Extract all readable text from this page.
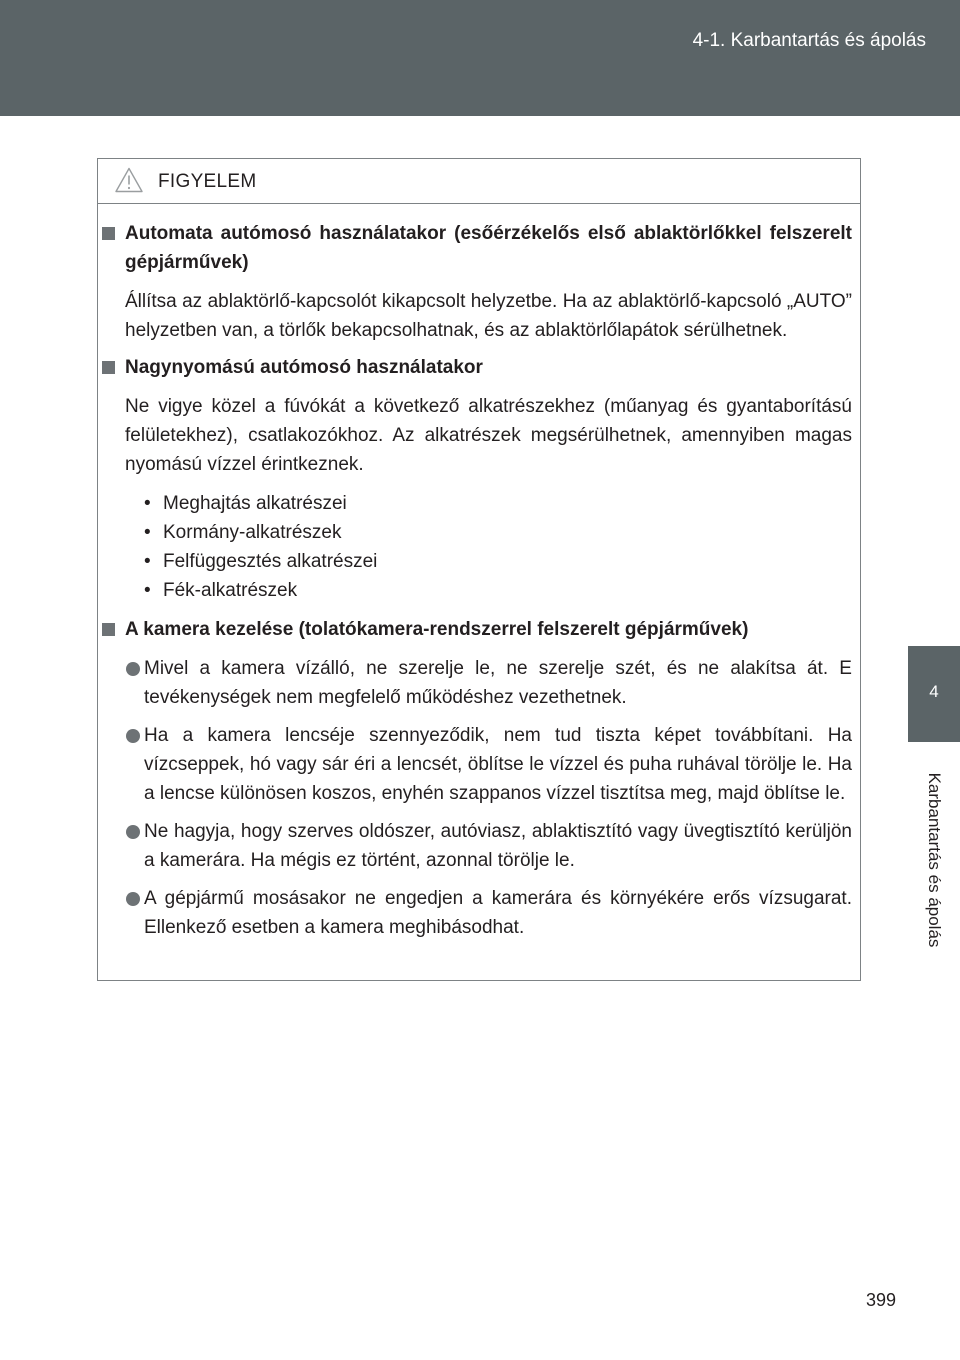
4-1. Karbantartás és ápolás
4
Karbantartás és ápolás
FIGYELEM
Automata autómosó használatakor (esőérzékelős első ablaktörlőkkel felszerelt gépjárművek)
Állítsa az ablaktörlő-kapcsolót kikapcsolt helyzetbe. Ha az ablaktörlő-kapcsoló „AUTO” helyzetben van, a törlők bekapcsolhatnak, és az ablaktörlőlapátok sérülhetnek.
Nagynyomású autómosó használatakor
Ne vigye közel a fúvókát a következő alkatrészekhez (műanyag és gyantaborítású felületekhez), csatlakozókhoz. Az alkatrészek megsérülhetnek, amennyiben magas nyomású vízzel érintkeznek.
• Meghajtás alkatrészei
• Kormány-alkatrészek
• Felfüggesztés alkatrészei
• Fék-alkatrészek
A kamera kezelése (tolatókamera-rendszerrel felszerelt gépjárművek)
Mivel a kamera vízálló, ne szerelje le, ne szerelje szét, és ne alakítsa át. E tevékenységek nem megfelelő működéshez vezethetnek.
Ha a kamera lencséje szennyeződik, nem tud tiszta képet továbbítani. Ha vízcseppek, hó vagy sár éri a lencsét, öblítse le vízzel és puha ruhával törölje le. Ha a lencse különösen koszos, enyhén szappanos vízzel tisztítsa meg, majd öblítse le.
Ne hagyja, hogy szerves oldószer, autóviasz, ablaktisztító vagy üvegtisztító kerüljön a kamerára. Ha mégis ez történt, azonnal törölje le.
A gépjármű mosásakor ne engedjen a kamerára és környékére erős vízsugarat. Ellenkező esetben a kamera meghibásodhat.
399
